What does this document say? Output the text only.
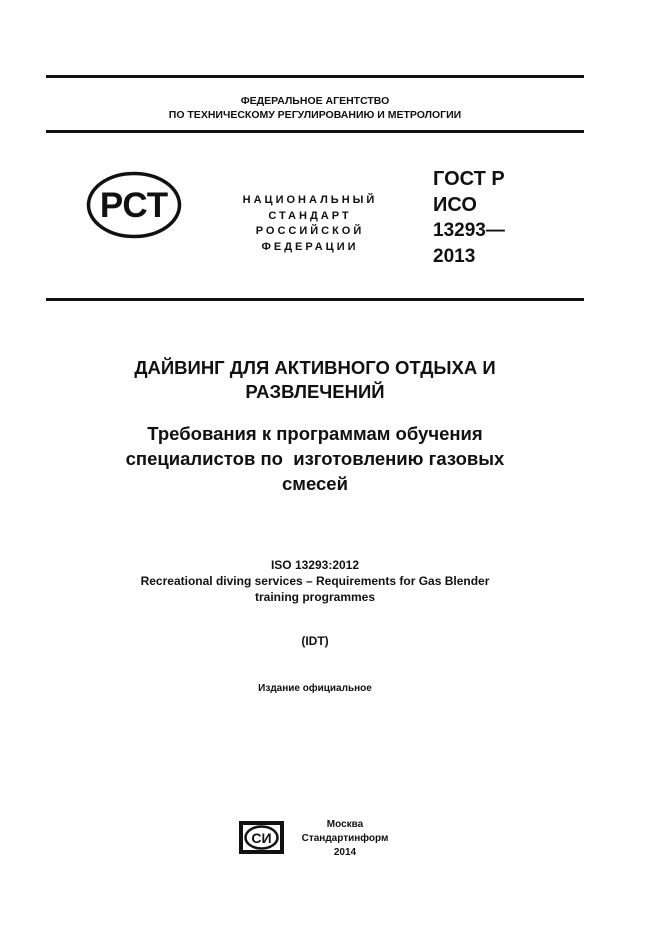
ФЕДЕРАЛЬНОЕ АГЕНТСТВО
ПО ТЕХНИЧЕСКОМУ РЕГУЛИРОВАНИЮ И МЕТРОЛОГИИ
РСТ	НАЦИОНАЛЬНЫЙ
СТАНДАРТ
РОССИЙСКОЙ
ФЕДЕРАЦИИ
ГОСТ Р
ИСО
13293—
2013
ДАЙВИНГ ДЛЯ АКТИВНОГО ОТДЫХА И
РАЗВЛЕЧЕНИЙ
Требования к программам обучения
специалистов по  изготовлению газовых
смесей
ISO 13293:2012
Recreational diving services – Requirements for Gas Blender
training programmes
(IDT)
Издание официальное
СИ
Москва
Стандартинформ
2014
